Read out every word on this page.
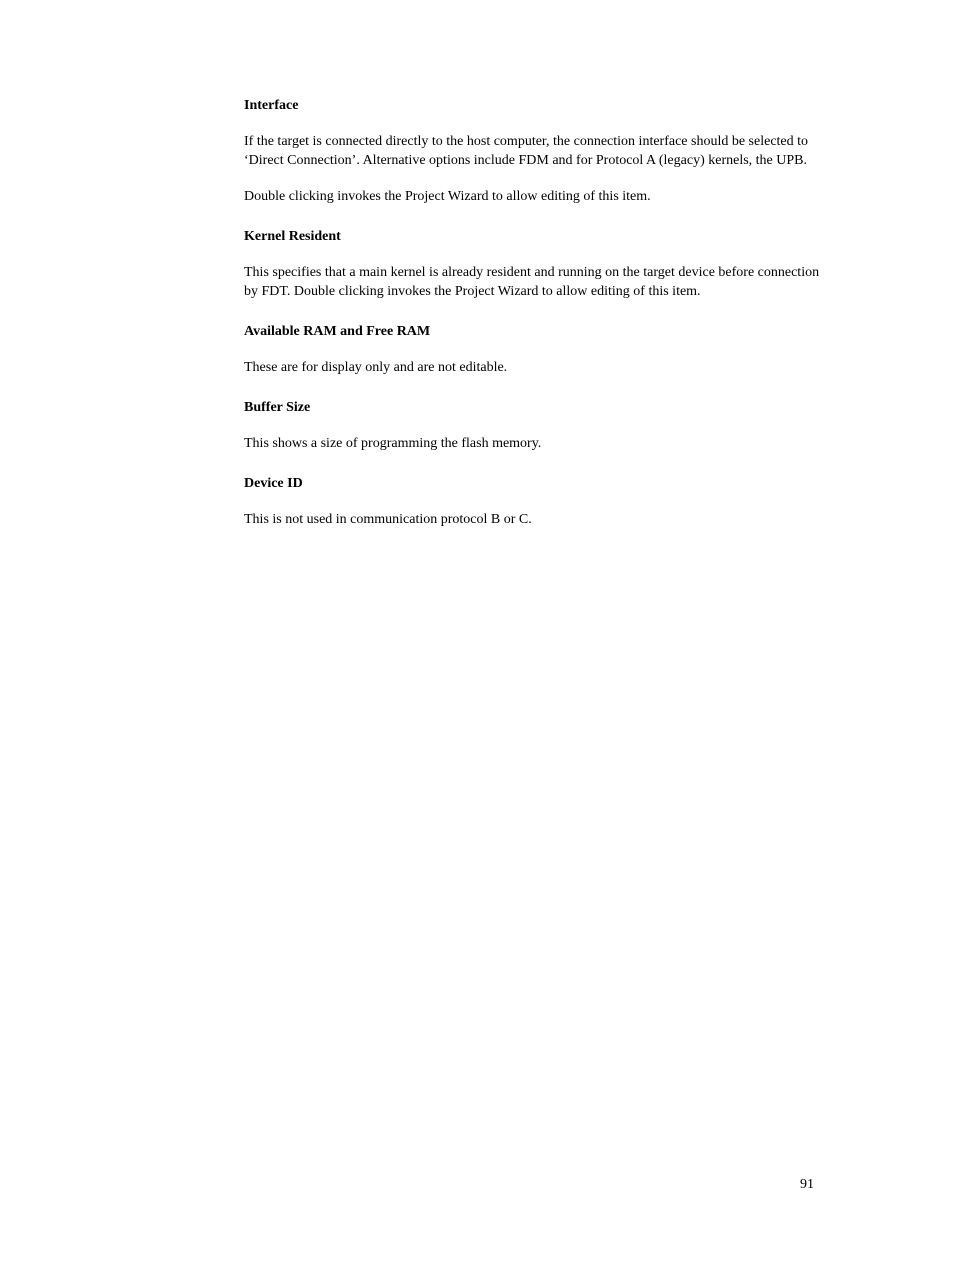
Interface

If the target is connected directly to the host computer, the connection interface should be selected to ‘Direct Connection’. Alternative options include FDM and for Protocol A (legacy) kernels, the UPB.

Double clicking invokes the Project Wizard to allow editing of this item.

Kernel Resident

This specifies that a main kernel is already resident and running on the target device before connection by FDT. Double clicking invokes the Project Wizard to allow editing of this item.

Available RAM and Free RAM

These are for display only and are not editable.

Buffer Size

This shows a size of programming the flash memory.

Device ID

This is not used in communication protocol B or C.

91
